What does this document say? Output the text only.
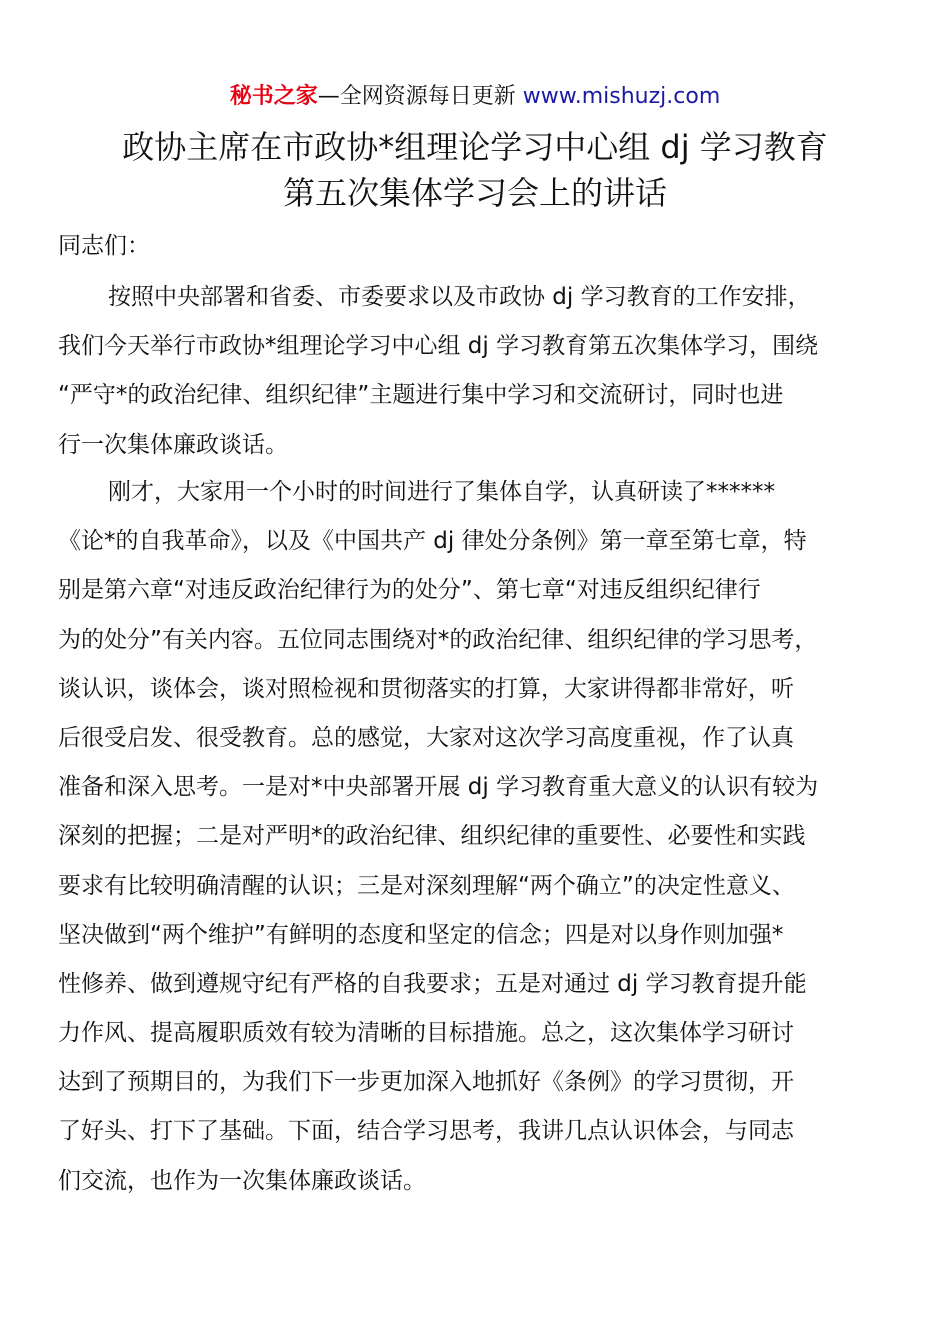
秘书之家—全网资源每日更新 www.mishuzj.com
政协主席在市政协*组理论学习中心组 dj 学习教育
第五次集体学习会上的讲话
同志们：
按照中央部署和省委、市委要求以及市政协 dj 学习教育的工作安排，
我们今天举行市政协*组理论学习中心组 dj 学习教育第五次集体学习，围绕
“严守*的政治纪律、组织纪律”主题进行集中学习和交流研讨，同时也进
行一次集体廉政谈话。
刚才，大家用一个小时的时间进行了集体自学，认真研读了******
《论*的自我革命》，以及《中国共产 dj 律处分条例》第一章至第七章，特
别是第六章“对违反政治纪律行为的处分”、第七章“对违反组织纪律行
为的处分”有关内容。五位同志围绕对*的政治纪律、组织纪律的学习思考，
谈认识，谈体会，谈对照检视和贯彻落实的打算，大家讲得都非常好，听
后很受启发、很受教育。总的感觉，大家对这次学习高度重视，作了认真
准备和深入思考。一是对*中央部署开展 dj 学习教育重大意义的认识有较为
深刻的把握；二是对严明*的政治纪律、组织纪律的重要性、必要性和实践
要求有比较明确清醒的认识；三是对深刻理解“两个确立”的决定性意义、
坚决做到“两个维护”有鲜明的态度和坚定的信念；四是对以身作则加强*
性修养、做到遵规守纪有严格的自我要求；五是对通过 dj 学习教育提升能
力作风、提高履职质效有较为清晰的目标措施。总之，这次集体学习研讨
达到了预期目的，为我们下一步更加深入地抓好《条例》的学习贯彻，开
了好头、打下了基础。下面，结合学习思考，我讲几点认识体会，与同志
们交流，也作为一次集体廉政谈话。
